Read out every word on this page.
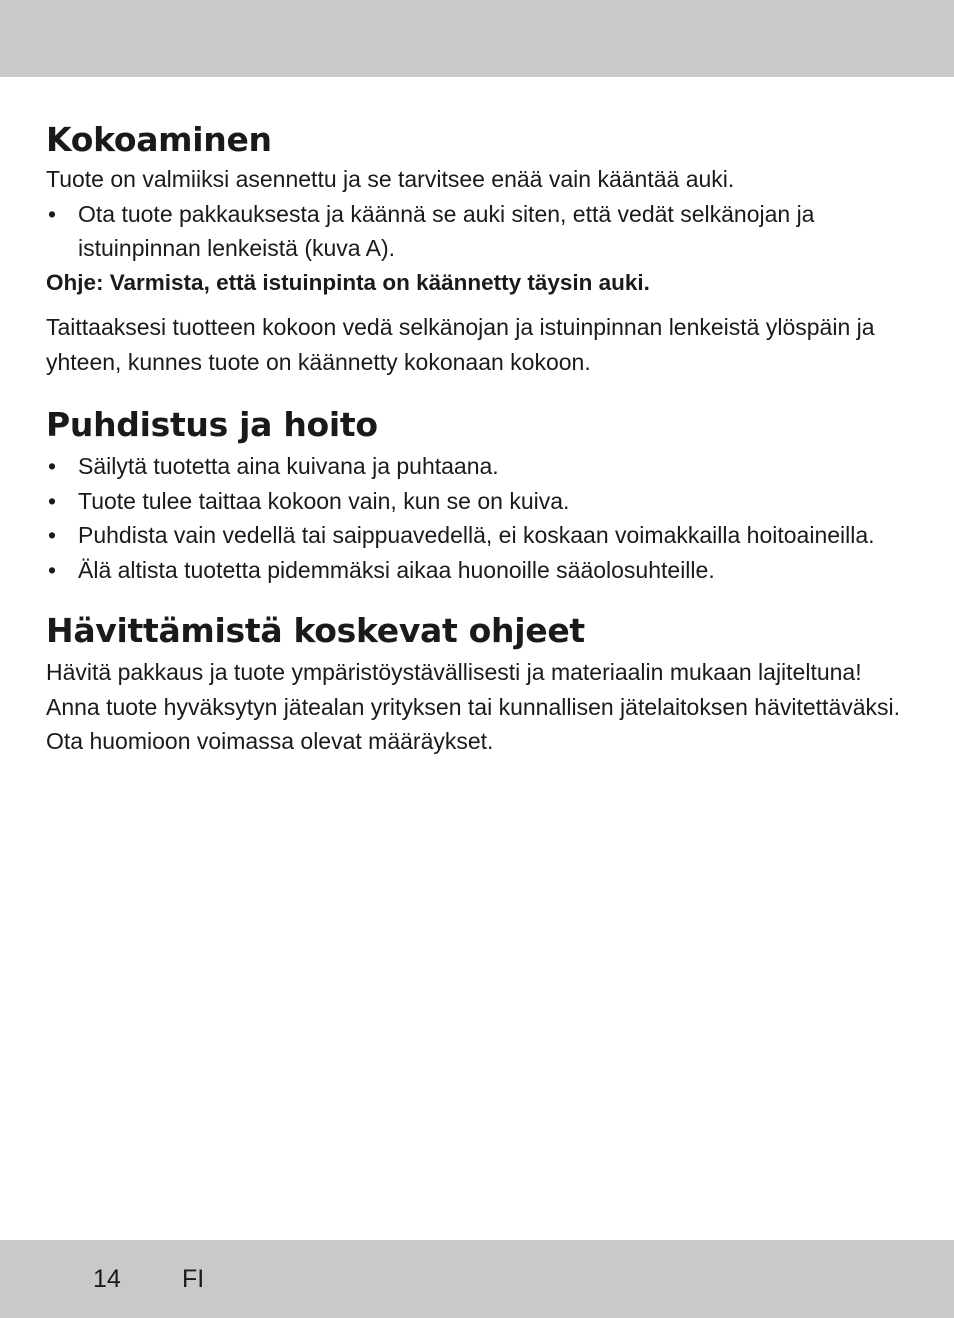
Kokoaminen

Tuote on valmiiksi asennettu ja se tarvitsee enää vain kääntää auki.

• Ota tuote pakkauksesta ja käännä se auki siten, että vedät selkänojan ja istuinpinnan lenkeistä (kuva A).

Ohje: Varmista, että istuinpinta on käännetty täysin auki.

Taittaaksesi tuotteen kokoon vedä selkänojan ja istuinpinnan lenkeistä ylöspäin ja yhteen, kunnes tuote on käännetty kokonaan kokoon.

Puhdistus ja hoito
• Säilytä tuotetta aina kuivana ja puhtaana.
• Tuote tulee taittaa kokoon vain, kun se on kuiva.
• Puhdista vain vedellä tai saippuavedellä, ei koskaan voimakkailla hoitoaineilla.
• Älä altista tuotetta pidemmäksi aikaa huonoille sääolosuhteille.
Hävittämistä koskevat ohjeet

Hävitä pakkaus ja tuote ympäristöystävällisesti ja materiaalin mukaan lajiteltuna! Anna tuote hyväksytyn jätealan yrityksen tai kunnallisen jätelaitoksen hävitettäväksi. Ota huomioon voimassa olevat määräykset.

14 FI
